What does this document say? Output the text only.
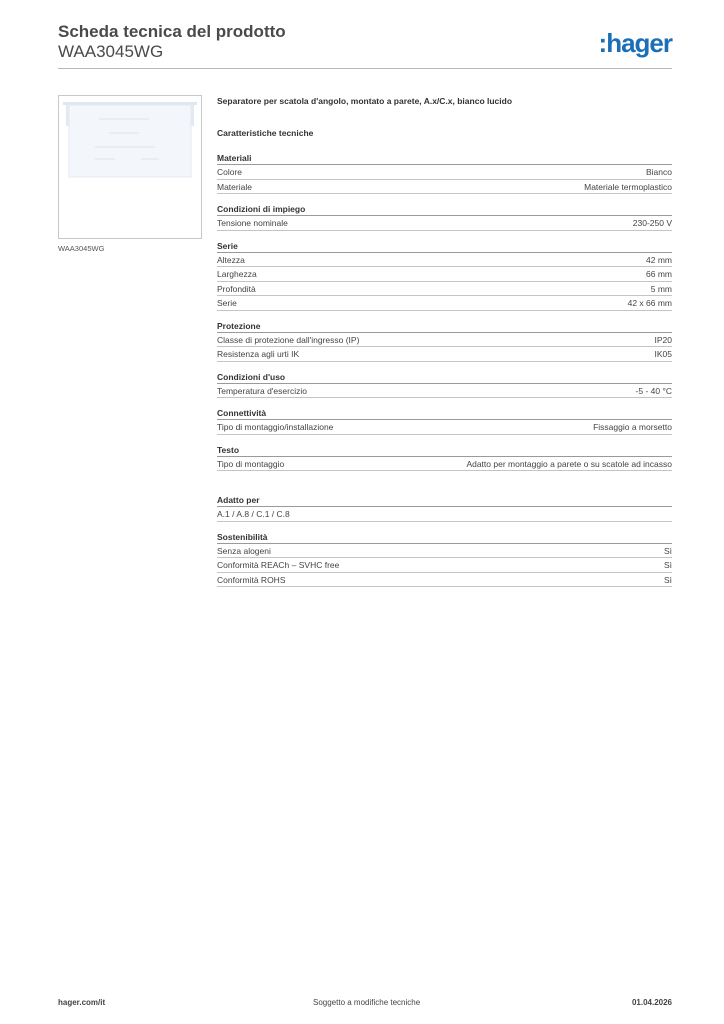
Scheda tecnica del prodotto
WAA3045WG	:hager
WAA3045WG
Separatore per scatola d'angolo, montato a parete, A.x/C.x, bianco lucido
Caratteristiche tecniche
Materiali
Colore	Bianco
Materiale	Materiale termoplastico
Condizioni di impiego
Tensione nominale	230-250 V
Serie
Altezza	42 mm
Larghezza	66 mm
Profondità	5 mm
Serie	42 x 66 mm
Protezione
Classe di protezione dall'ingresso (IP)	IP20
Resistenza agli urti IK	IK05
Condizioni d'uso
Temperatura d'esercizio	-5 - 40 °C
Connettività
Tipo di montaggio/installazione	Fissaggio a morsetto
Testo
Tipo di montaggio	Adatto per montaggio a parete o su scatole ad incasso
Adatto per
A.1 / A.8 / C.1 / C.8
Sostenibilità
Senza alogeni	Sì
Conformità REACh – SVHC free	Sì
Conformità ROHS	Sì
hager.com/it	Soggetto a modifiche tecniche	01.04.2026
